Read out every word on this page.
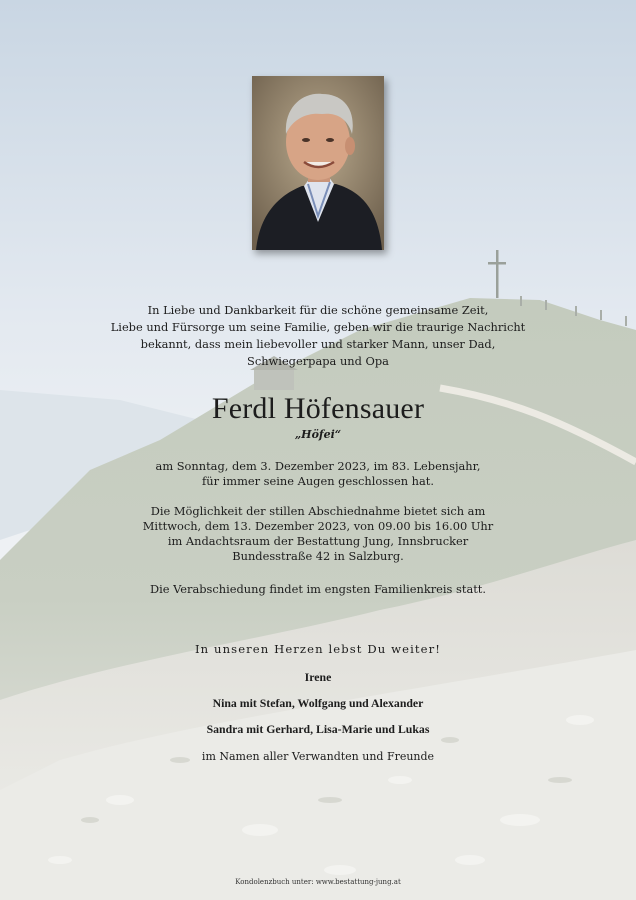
In Liebe und Dankbarkeit für die schöne gemeinsame Zeit,
Liebe und Fürsorge um seine Familie, geben wir die traurige Nachricht
bekannt, dass mein liebevoller und starker Mann, unser Dad,
Schwiegerpapa und Opa
Ferdl Höfensauer
„Höfei“
am Sonntag, dem 3. Dezember 2023, im 83. Lebensjahr,
für immer seine Augen geschlossen hat.
Die Möglichkeit der stillen Abschiednahme bietet sich am
Mittwoch, dem 13. Dezember 2023, von 09.00 bis 16.00 Uhr
im Andachtsraum der Bestattung Jung, Innsbrucker
Bundesstraße 42 in Salzburg.
Die Verabschiedung findet im engsten Familienkreis statt.
In unseren Herzen lebst Du weiter!
Irene
Nina mit Stefan, Wolfgang und Alexander
Sandra mit Gerhard, Lisa-Marie und Lukas
im Namen aller Verwandten und Freunde
Kondolenzbuch unter: www.bestattung-jung.at
